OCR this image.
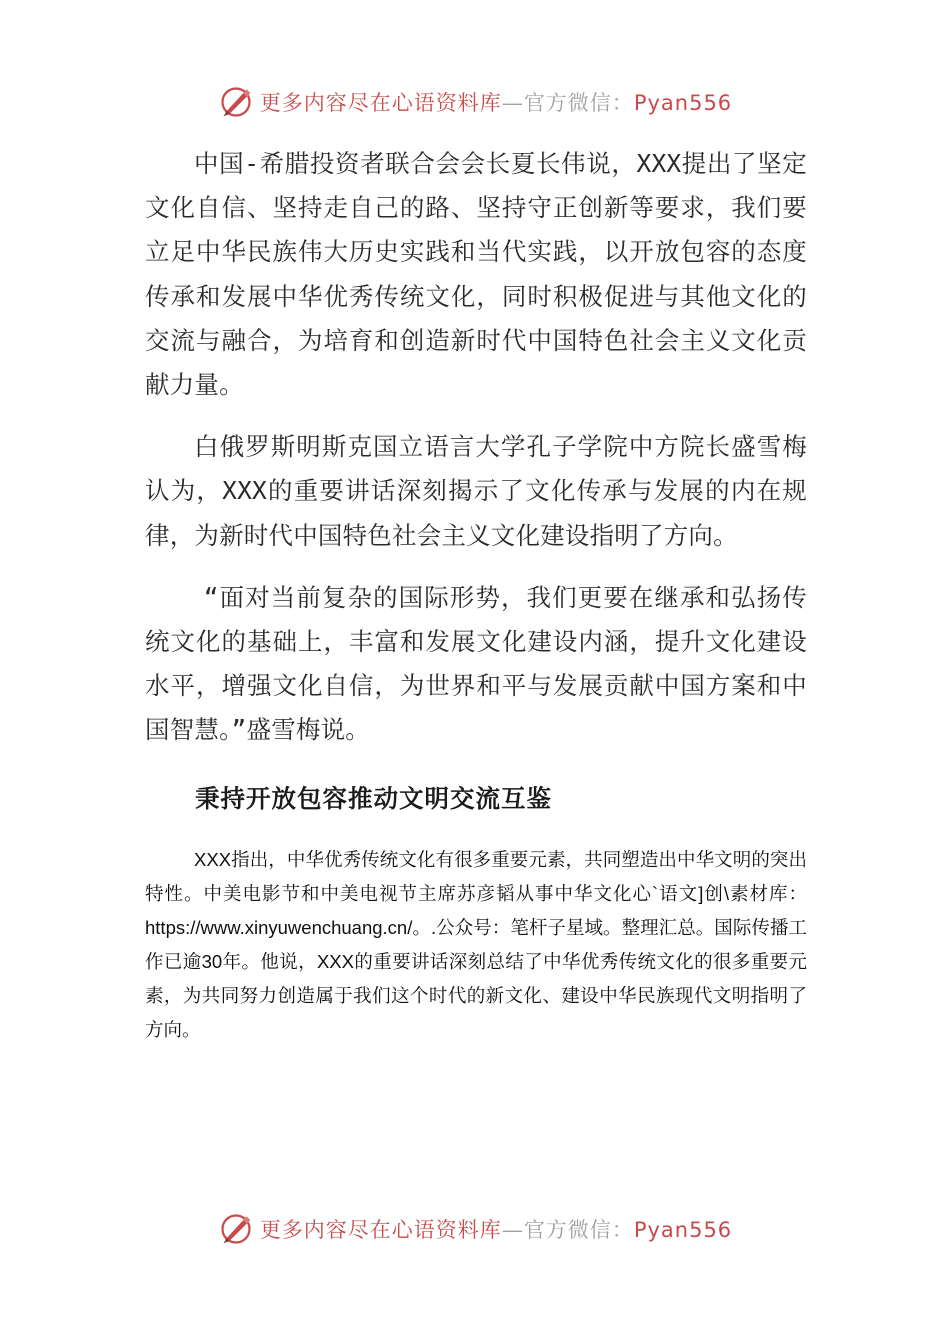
更多内容尽在心语资料库—官方微信：Pyan556

中国-希腊投资者联合会会长夏长伟说，XXX提出了坚定文化自信、坚持走自己的路、坚持守正创新等要求，我们要立足中华民族伟大历史实践和当代实践，以开放包容的态度传承和发展中华优秀传统文化，同时积极促进与其他文化的交流与融合，为培育和创造新时代中国特色社会主义文化贡献力量。

白俄罗斯明斯克国立语言大学孔子学院中方院长盛雪梅认为，XXX的重要讲话深刻揭示了文化传承与发展的内在规律，为新时代中国特色社会主义文化建设指明了方向。

“面对当前复杂的国际形势，我们更要在继承和弘扬传统文化的基础上，丰富和发展文化建设内涵，提升文化建设水平，增强文化自信，为世界和平与发展贡献中国方案和中国智慧。”盛雪梅说。

秉持开放包容推动文明交流互鉴

XXX指出，中华优秀传统文化有很多重要元素，共同塑造出中华文明的突出特性。中美电影节和中美电视节主席苏彦韬从事中华文化心`语文]创\素材库：https://www.xinyuwenchuang.cn/。.公众号：笔杆子星域。整理汇总。国际传播工作已逾30年。他说，XXX的重要讲话深刻总结了中华优秀传统文化的很多重要元素，为共同努力创造属于我们这个时代的新文化、建设中华民族现代文明指明了方向。

更多内容尽在心语资料库—官方微信：Pyan556
